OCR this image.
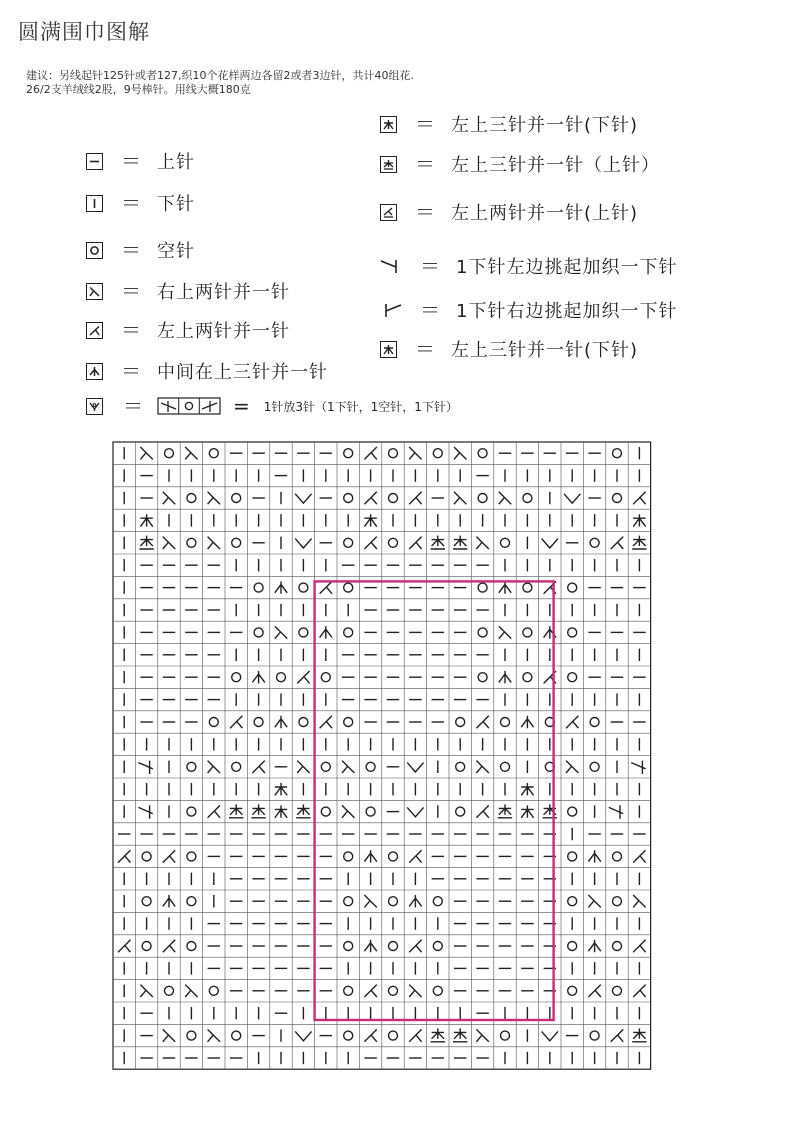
圆满围巾图解
建议：另线起针125针或者127,织10个花样两边各留2或者3边针，共计40组花.
26/2支羊绒线2股，9号棒针。用线大概180克
＝ 上针
＝ 下针
＝ 空针
＝ 右上两针并一针
＝ 左上两针并一针
＝ 中间在上三针并一针
＝ 左上三针并一针(下针)
＝ 左上三针并一针（上针）
＝ 左上两针并一针(上针)
＝ 1下针左边挑起加织一下针
＝ 1下针右边挑起加织一下针
＝ 左上三针并一针(下针)
＝	= 1针放3针（1下针，1空针，1下针）
